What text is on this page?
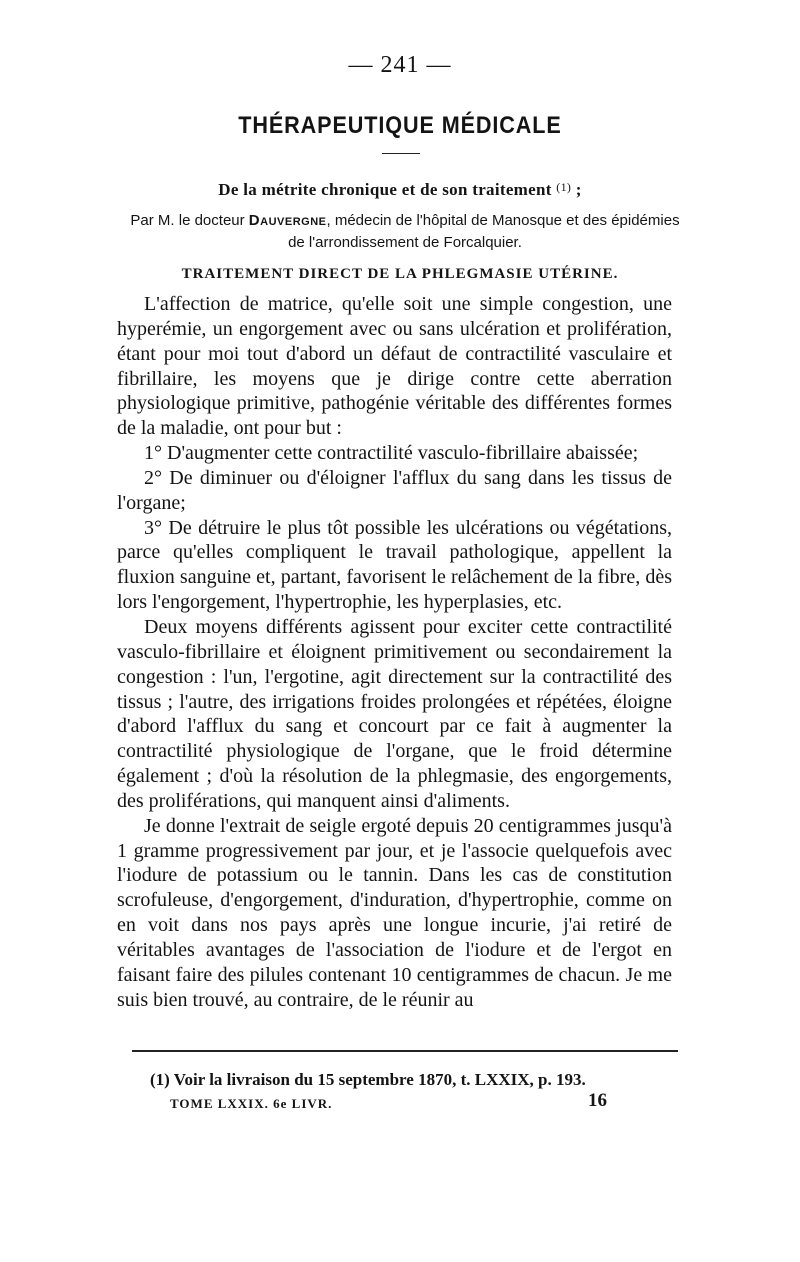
— 241 —
THÉRAPEUTIQUE MÉDICALE
De la métrite chronique et de son traitement $^{(1)}$ ;
Par M. le docteur Dauvergne, médecin de l'hôpital de Manosque et des épidémies
de l'arrondissement de Forcalquier.
TRAITEMENT DIRECT DE LA PHLEGMASIE UTÉRINE.

L'affection de matrice, qu'elle soit une simple congestion, une hyperémie, un engorgement avec ou sans ulcération et prolifération, étant pour moi tout d'abord un défaut de contractilité vasculaire et fibrillaire, les moyens que je dirige contre cette aberration physiologique primitive, pathogénie véritable des différentes formes de la maladie, ont pour but :

1° D'augmenter cette contractilité vasculo-fibrillaire abaissée;

2° De diminuer ou d'éloigner l'afflux du sang dans les tissus de l'organe;

3° De détruire le plus tôt possible les ulcérations ou végétations, parce qu'elles compliquent le travail pathologique, appellent la fluxion sanguine et, partant, favorisent le relâchement de la fibre, dès lors l'engorgement, l'hypertrophie, les hyperplasies, etc.

Deux moyens différents agissent pour exciter cette contractilité vasculo-fibrillaire et éloignent primitivement ou secondairement la congestion : l'un, l'ergotine, agit directement sur la contractilité des tissus ; l'autre, des irrigations froides prolongées et répétées, éloigne d'abord l'afflux du sang et concourt par ce fait à augmenter la contractilité physiologique de l'organe, que le froid détermine également ; d'où la résolution de la phlegmasie, des engorgements, des proliférations, qui manquent ainsi d'aliments.

Je donne l'extrait de seigle ergoté depuis 20 centigrammes jusqu'à 1 gramme progressivement par jour, et je l'associe quelquefois avec l'iodure de potassium ou le tannin. Dans les cas de constitution scrofuleuse, d'engorgement, d'induration, d'hypertrophie, comme on en voit dans nos pays après une longue incurie, j'ai retiré de véritables avantages de l'association de l'iodure et de l'ergot en faisant faire des pilules contenant 10 centigrammes de chacun. Je me suis bien trouvé, au contraire, de le réunir au

(1) Voir la livraison du 15 septembre 1870, t. LXXIX, p. 193.
TOME LXXIX. 6e LIVR.	16
